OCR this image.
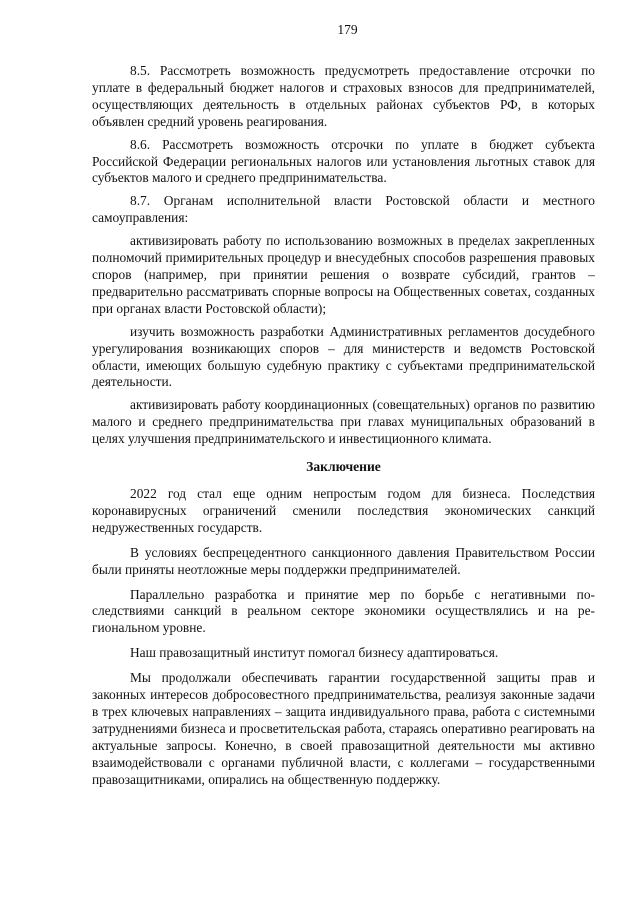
179

8.5. Рассмотреть возможность предусмотреть предоставление отсрочки по уплате в федеральный бюджет налогов и страховых взносов для предпринимателей, осуществляющих деятельность в отдельных районах субъектов РФ, в которых объявлен средний уровень реагирования.

8.6. Рассмотреть возможность отсрочки по уплате в бюджет субъекта Российской Федерации региональных налогов или установления льготных ставок для субъектов малого и среднего предпринимательства.

8.7. Органам исполнительной власти Ростовской области и местного самоуправления:

активизировать работу по использованию возможных в пределах закрепленных полномочий примирительных процедур и внесудебных способов разрешения правовых споров (например, при принятии решения о возврате субсидий, грантов – предварительно рассматривать спорные вопросы на Общественных советах, созданных при органах власти Ростовской области);

изучить возможность разработки Административных регламентов досудебного урегулирования возникающих споров – для министерств и ведомств Ростовской области, имеющих большую судебную практику с субъектами предпринимательской деятельности.

активизировать работу координационных (совещательных) органов по развитию малого и среднего предпринимательства при главах муниципальных образований в целях улучшения предпринимательского и инвестиционного климата.

Заключение

2022 год стал еще одним непростым годом для бизнеса. Последствия коронавирусных ограничений сменили последствия экономических санкций недружественных государств.

В условиях беспрецедентного санкционного давления Правительством России были приняты неотложные меры поддержки предпринимателей.

Параллельно разработка и принятие мер по борьбе с негативными последствиями санкций в реальном секторе экономики осуществлялись и на региональном уровне.

Наш правозащитный институт помогал бизнесу адаптироваться.

Мы продолжали обеспечивать гарантии государственной защиты прав и законных интересов добросовестного предпринимательства, реализуя законные задачи в трех ключевых направлениях – защита индивидуального права, работа с системными затруднениями бизнеса и просветительская работа, стараясь оперативно реагировать на актуальные запросы. Конечно, в своей правозащитной деятельности мы активно взаимодействовали с органами публичной власти, с коллегами – государственными правозащитниками, опирались на общественную поддержку.
